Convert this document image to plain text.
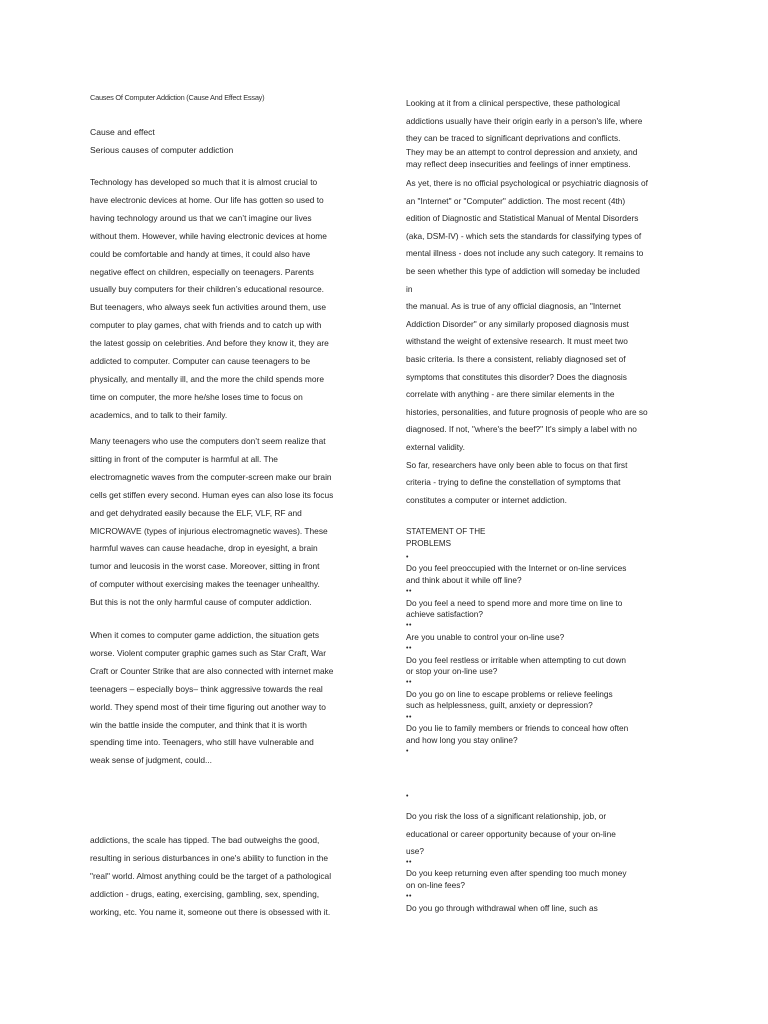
Causes Of Computer Addiction (Cause And Effect Essay)
Cause and effect
Serious causes of computer addiction
Technology has developed so much that it is almost crucial to
have electronic devices at home. Our life has gotten so used to
having technology around us that we can’t imagine our lives
without them. However, while having electronic devices at home
could be comfortable and handy at times, it could also have
negative effect on children, especially on teenagers. Parents
usually buy computers for their children’s educational resource.
But teenagers, who always seek fun activities around them, use
computer to play games, chat with friends and to catch up with
the latest gossip on celebrities. And before they know it, they are
addicted to computer. Computer can cause teenagers to be
physically, and mentally ill, and the more the child spends more
time on computer, the more he/she loses time to focus on
academics, and to talk to their family.
Many teenagers who use the computers don’t seem realize that
sitting in front of the computer is harmful at all. The
electromagnetic waves from the computer-screen make our brain
cells get stiffen every second. Human eyes can also lose its focus
and get dehydrated easily because the ELF, VLF, RF and
MICROWAVE (types of injurious electromagnetic waves). These
harmful waves can cause headache, drop in eyesight, a brain
tumor and leucosis in the worst case. Moreover, sitting in front
of computer without exercising makes the teenager unhealthy.
But this is not the only harmful cause of computer addiction.
When it comes to computer game addiction, the situation gets
worse. Violent computer graphic games such as Star Craft, War
Craft or Counter Strike that are also connected with internet make
teenagers – especially boys– think aggressive towards the real
world. They spend most of their time figuring out another way to
win the battle inside the computer, and think that it is worth
spending time into. Teenagers, who still have vulnerable and
weak sense of judgment, could...
addictions, the scale has tipped. The bad outweighs the good,
resulting in serious disturbances in one's ability to function in the
"real" world. Almost anything could be the target of a pathological
addiction - drugs, eating, exercising, gambling, sex, spending,
working, etc. You name it, someone out there is obsessed with it.
Looking at it from a clinical perspective, these pathological
addictions usually have their origin early in a person's life, where
they can be traced to significant deprivations and conflicts.
They may be an attempt to control depression and anxiety, and
may reflect deep insecurities and feelings of inner emptiness.
As yet, there is no official psychological or psychiatric diagnosis of
an "Internet" or "Computer" addiction. The most recent (4th)
edition of Diagnostic and Statistical Manual of Mental Disorders
(aka, DSM-IV) - which sets the standards for classifying types of
mental illness - does not include any such category. It remains to
be seen whether this type of addiction will someday be included
in
the manual. As is true of any official diagnosis, an "Internet
Addiction Disorder" or any similarly proposed diagnosis must
withstand the weight of extensive research. It must meet two
basic criteria. Is there a consistent, reliably diagnosed set of
symptoms that constitutes this disorder? Does the diagnosis
correlate with anything - are there similar elements in the
histories, personalities, and future prognosis of people who are so
diagnosed. If not, "where's the beef?" It's simply a label with no
external validity.
So far, researchers have only been able to focus on that first
criteria - trying to define the constellation of symptoms that
constitutes a computer or internet addiction.
STATEMENT OF THE
PROBLEMS
•
Do you feel preoccupied with the Internet or on-line services
and think about it while off line?
••
Do you feel a need to spend more and more time on line to
achieve satisfaction?
••
Are you unable to control your on-line use?
••
Do you feel restless or irritable when attempting to cut down
or stop your on-line use?
••
Do you go on line to escape problems or relieve feelings
such as helplessness, guilt, anxiety or depression?
••
Do you lie to family members or friends to conceal how often
and how long you stay online?
•
•
Do you risk the loss of a significant relationship, job, or
educational or career opportunity because of your on-line
use?
••
Do you keep returning even after spending too much money
on on-line fees?
••
Do you go through withdrawal when off line, such as
